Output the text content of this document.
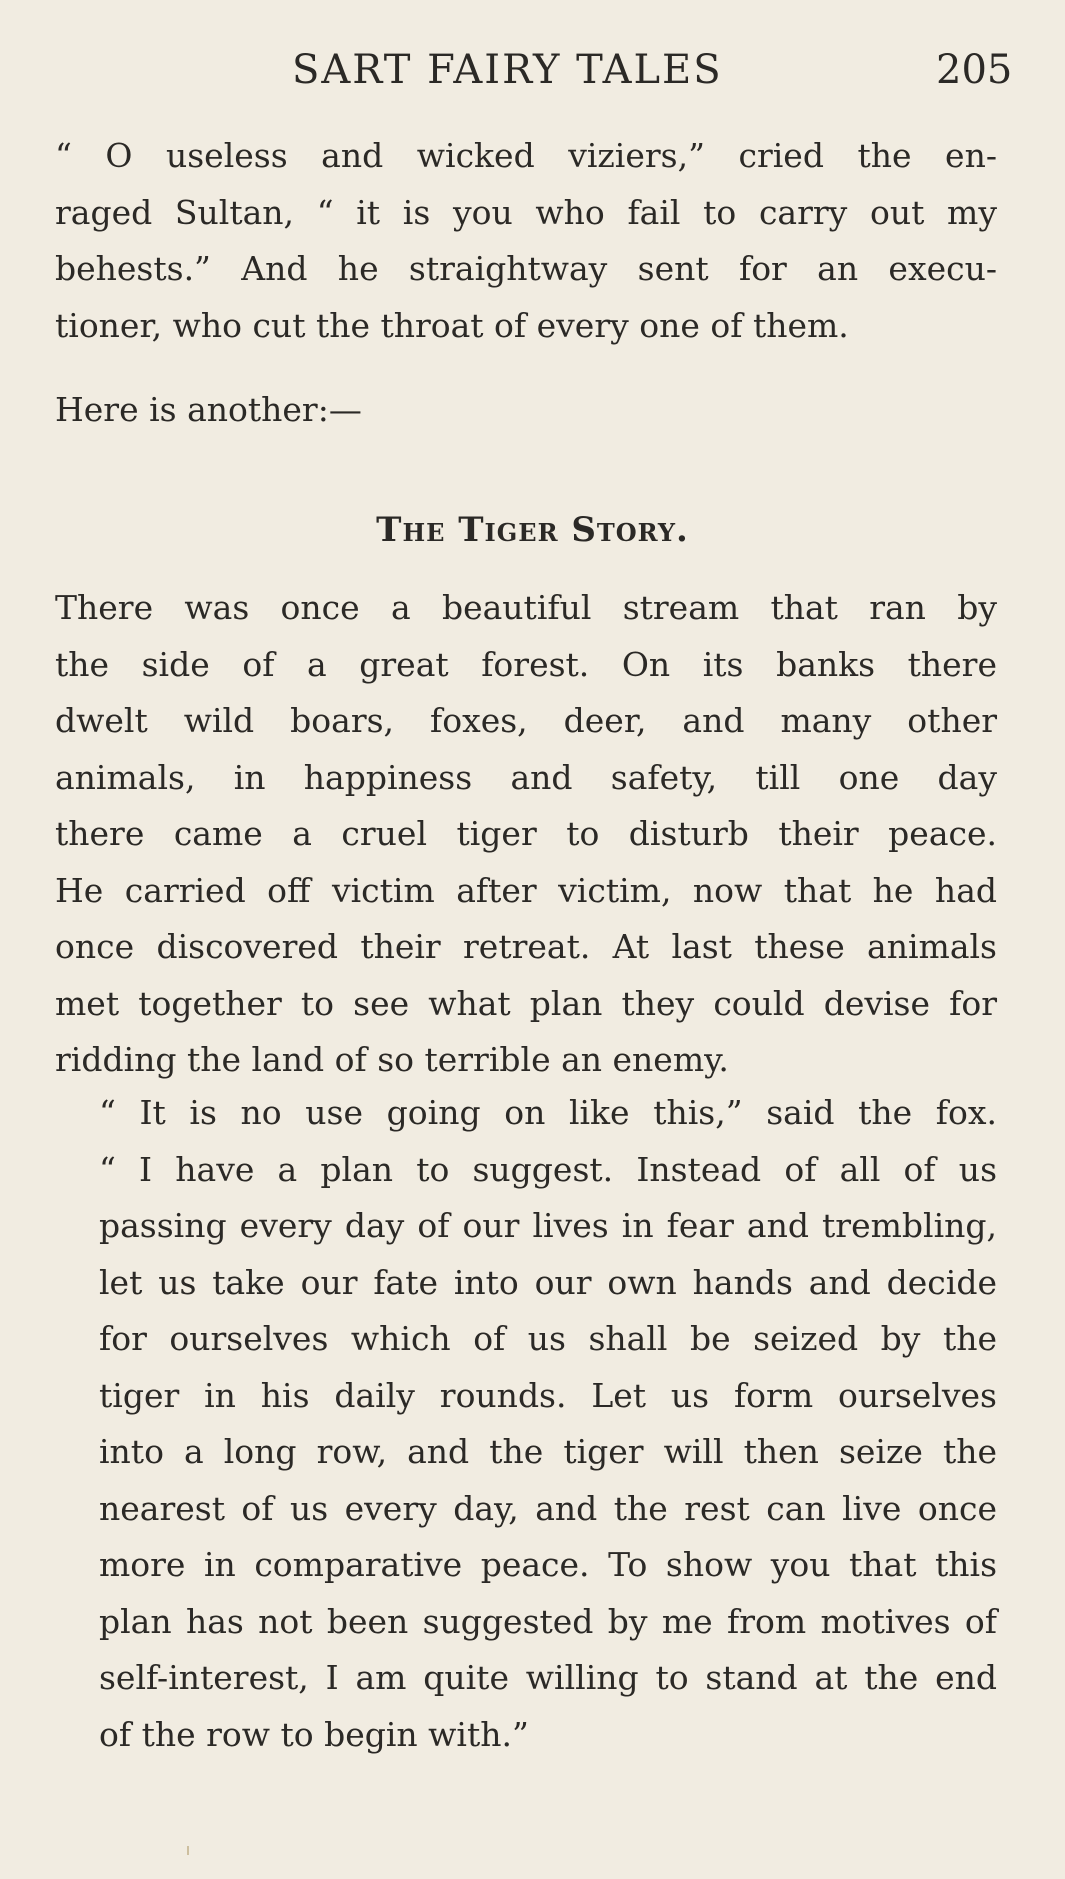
SART FAIRY TALES	205
“ O useless and wicked viziers,” cried the en-
raged Sultan, “ it is you who fail to carry out my
behests.” And he straightway sent for an execu-
tioner, who cut the throat of every one of them.

Here is another:—

The Tiger Story.
There was once a beautiful stream that ran by
the side of a great forest. On its banks there
dwelt wild boars, foxes, deer, and many other
animals, in happiness and safety, till one day
there came a cruel tiger to disturb their peace.
He carried off victim after victim, now that he had
once discovered their retreat. At last these animals
met together to see what plan they could devise for
ridding the land of so terrible an enemy.
“ It is no use going on like this,” said the fox.
“ I have a plan to suggest. Instead of all of us
passing every day of our lives in fear and trembling,
let us take our fate into our own hands and decide
for ourselves which of us shall be seized by the
tiger in his daily rounds. Let us form ourselves
into a long row, and the tiger will then seize the
nearest of us every day, and the rest can live once
more in comparative peace. To show you that this
plan has not been suggested by me from motives of
self-interest, I am quite willing to stand at the end
of the row to begin with.”
